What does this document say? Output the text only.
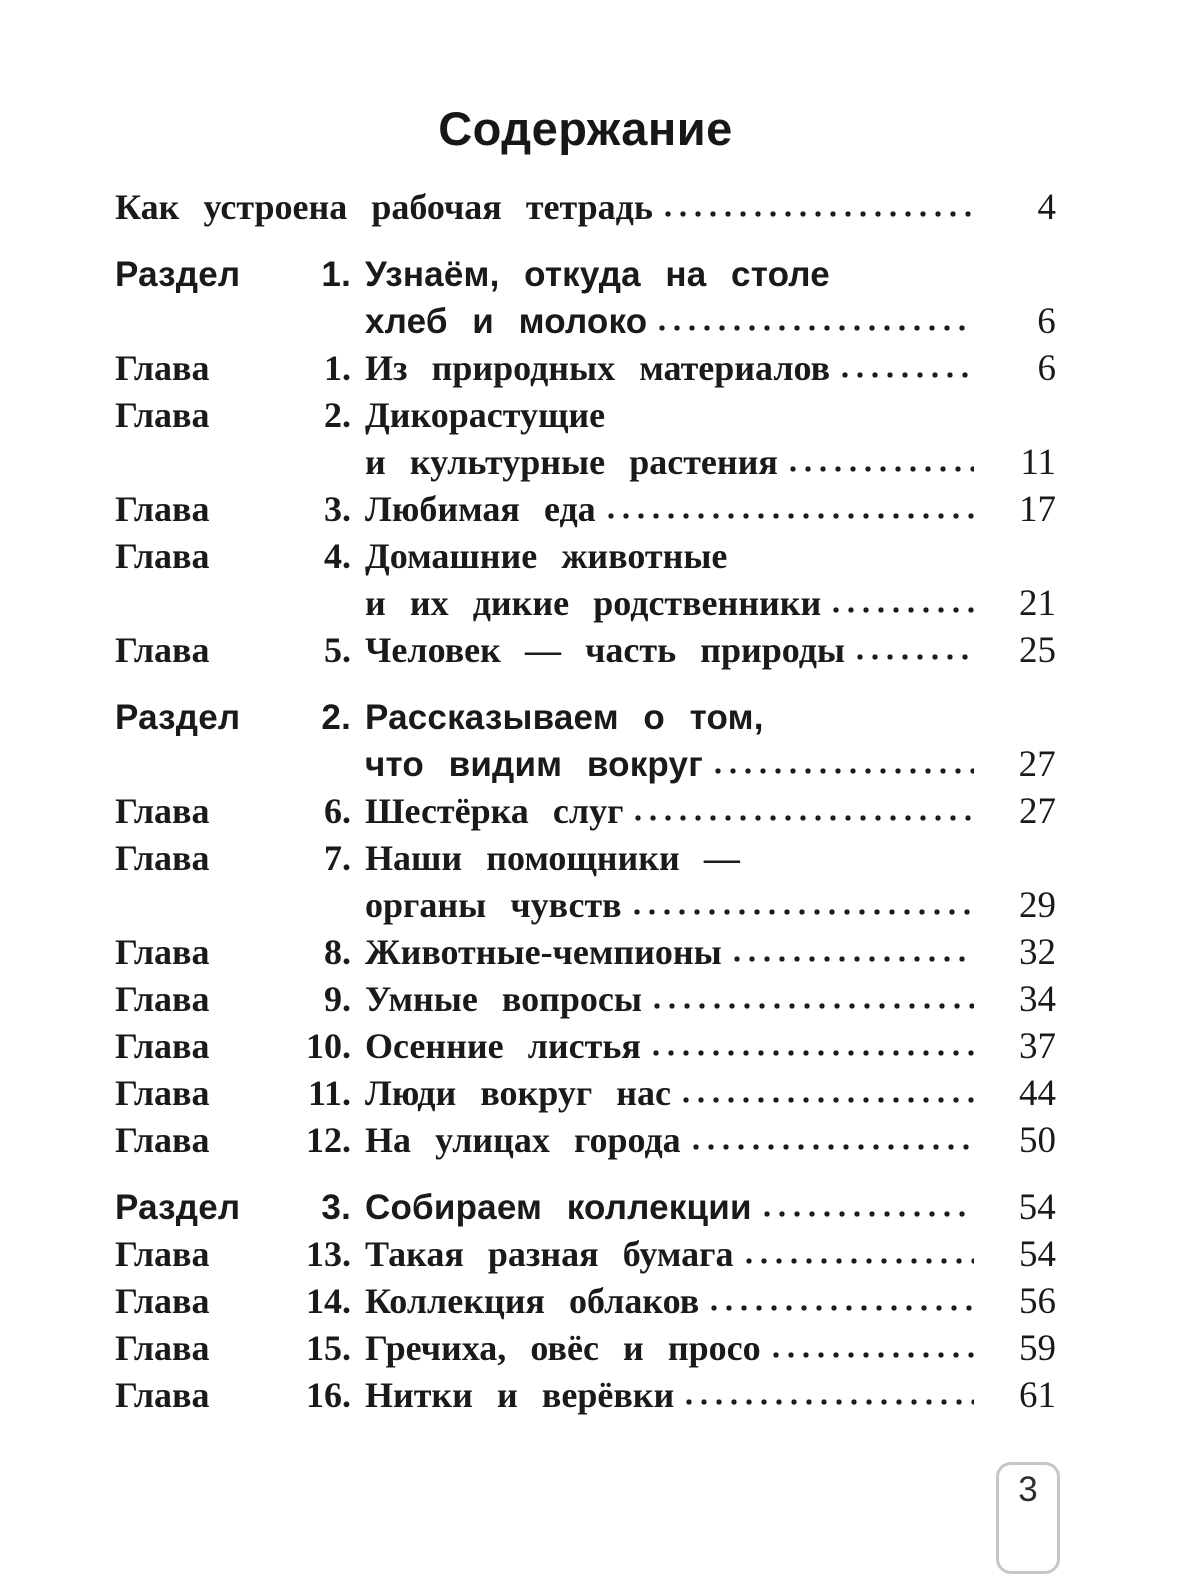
Содержание
Как устроена рабочая тетрадь	4
Раздел	1. Узнаём, откуда на столе
хлеб и молоко	6
Глава	1. Из природных материалов	6
Глава	2. Дикорастущие
и культурные растения	11
Глава	3. Любимая еда	17
Глава	4. Домашние животные
и их дикие родственники	21
Глава	5. Человек — часть природы	25
Раздел	2. Рассказываем о том,
что видим вокруг	27
Глава	6. Шестёрка слуг	27
Глава	7. Наши помощники —
органы чувств	29
Глава	8. Животные-чемпионы	32
Глава	9. Умные вопросы	34
Глава	10. Осенние листья	37
Глава	11. Люди вокруг нас	44
Глава	12. На улицах города	50
Раздел	3. Собираем коллекции	54
Глава	13. Такая разная бумага	54
Глава	14. Коллекция облаков	56
Глава	15. Гречиха, овёс и просо	59
Глава	16. Нитки и верёвки	61
3
